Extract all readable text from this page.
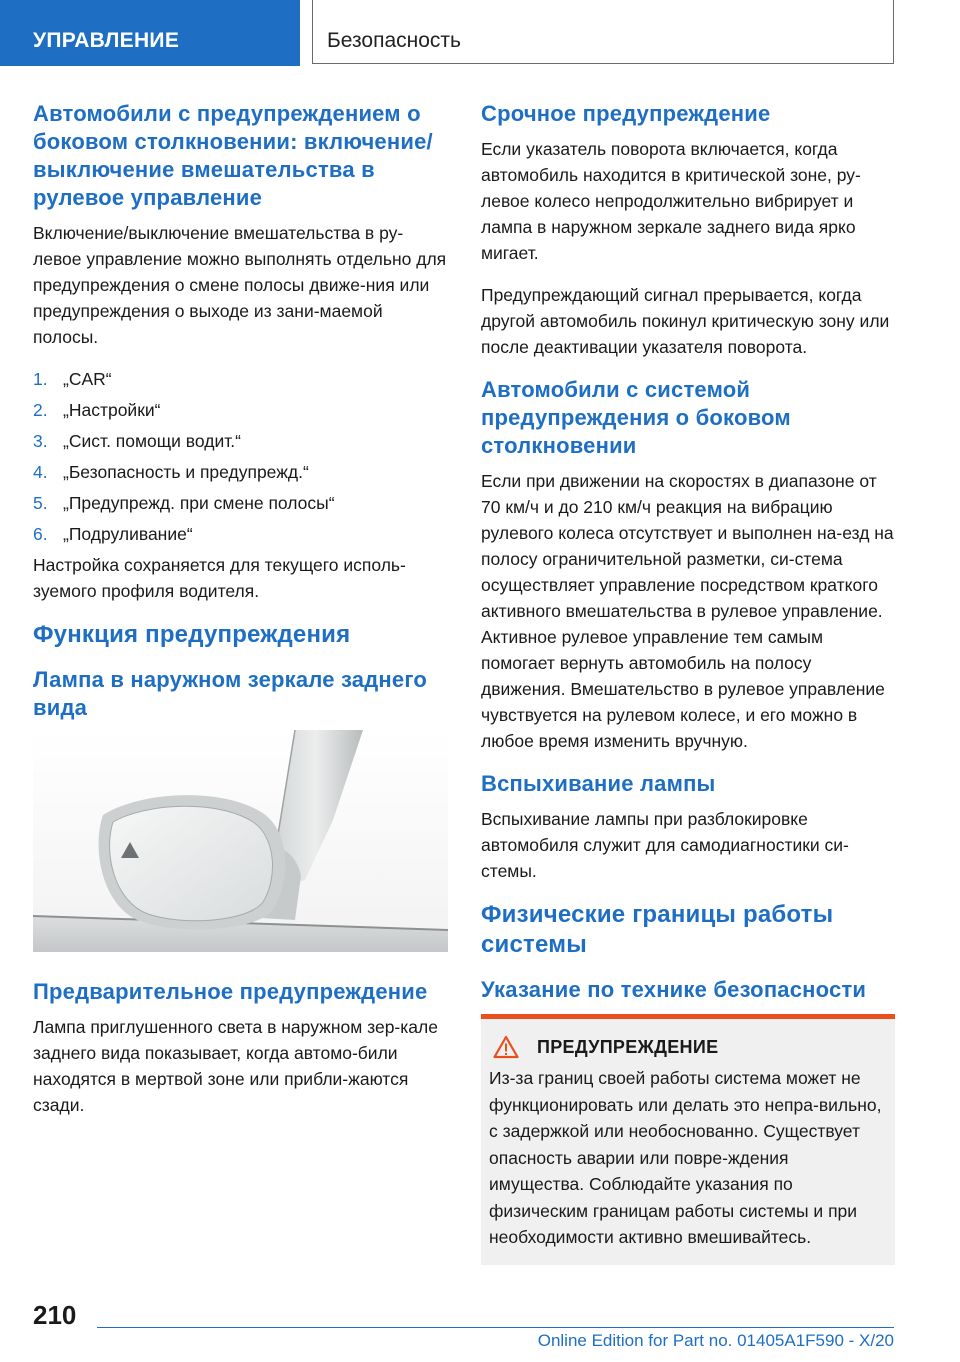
УПРАВЛЕНИЕ	Безопасность
Автомобили с предупреждением о боковом столкновении: включение/выключение вмешательства в рулевое управление

Включение/выключение вмешательства в ру-левое управление можно выполнять отдельно для предупреждения о смене полосы движе-ния или предупреждения о выходе из зани-маемой полосы.

1. „CAR“
2. „Настройки“
3. „Сист. помощи водит.“
4. „Безопасность и предупрежд.“
5. „Предупрежд. при смене полосы“
6. „Подруливание“

Настройка сохраняется для текущего исполь-зуемого профиля водителя.

Функция предупреждения
Лампа в наружном зеркале заднего вида
Предварительное предупреждение

Лампа приглушенного света в наружном зер-кале заднего вида показывает, когда автомо-били находятся в мертвой зоне или прибли-жаются сзади.

Срочное предупреждение

Если указатель поворота включается, когда автомобиль находится в критической зоне, ру-левое колесо непродолжительно вибрирует и лампа в наружном зеркале заднего вида ярко мигает.

Предупреждающий сигнал прерывается, когда другой автомобиль покинул критическую зону или после деактивации указателя поворота.

Автомобили с системой предупреждения о боковом столкновении

Если при движении на скоростях в диапазоне от 70 км/ч и до 210 км/ч реакция на вибрацию рулевого колеса отсутствует и выполнен на-езд на полосу ограничительной разметки, си-стема осуществляет управление посредством краткого активного вмешательства в рулевое управление. Активное рулевое управление тем самым помогает вернуть автомобиль на полосу движения. Вмешательство в рулевое управление чувствуется на рулевом колесе, и его можно в любое время изменить вручную.

Вспыхивание лампы

Вспыхивание лампы при разблокировке автомобиля служит для самодиагностики си-стемы.

Физические границы работы системы
Указание по технике безопасности
ПРЕДУПРЕЖДЕНИЕ

Из-за границ своей работы система может не функционировать или делать это непра-вильно, с задержкой или необоснованно. Существует опасность аварии или повре-ждения имущества. Соблюдайте указания по физическим границам работы системы и при необходимости активно вмешивайтесь.

210
Online Edition for Part no. 01405A1F590 - X/20
